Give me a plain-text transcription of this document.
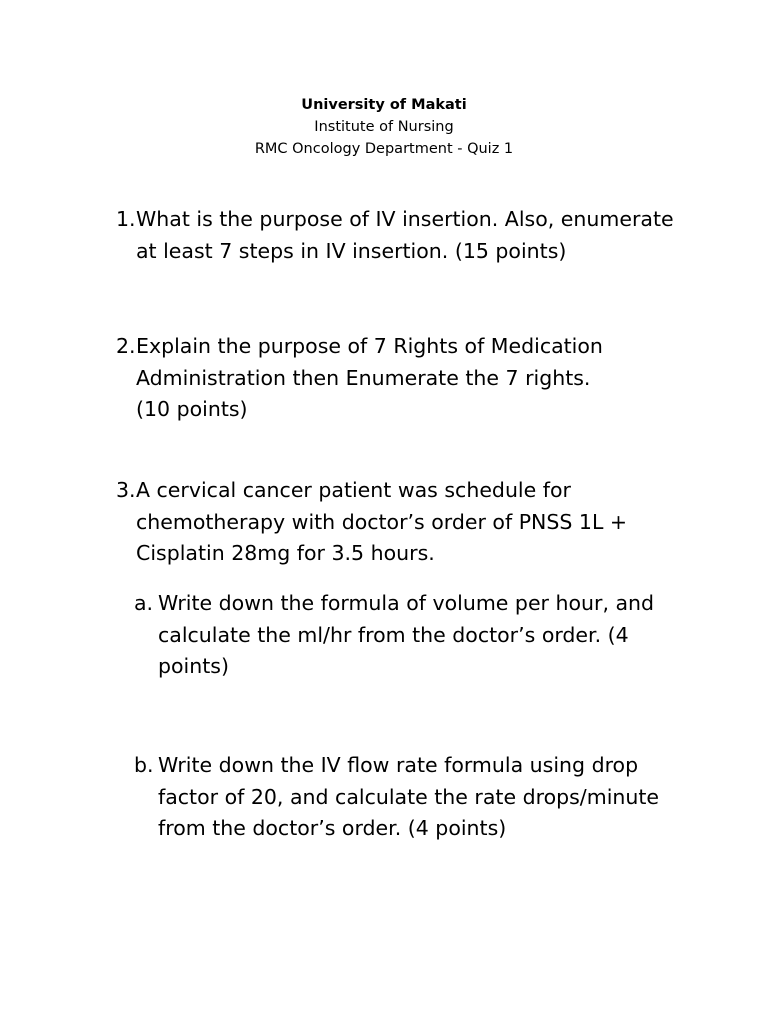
University of Makati
Institute of Nursing
RMC Oncology Department - Quiz 1
1. What is the purpose of IV insertion. Also, enumerate
at least 7 steps in IV insertion. (15 points)
2. Explain the purpose of 7 Rights of Medication
Administration then Enumerate the 7 rights.
(10 points)
3. A cervical cancer patient was schedule for
chemotherapy with doctor’s order of PNSS 1L +
Cisplatin 28mg for 3.5 hours.
a. Write down the formula of volume per hour, and
calculate the ml/hr from the doctor’s order. (4
points)
b. Write down the IV flow rate formula using drop
factor of 20, and calculate the rate drops/minute
from the doctor’s order. (4 points)
